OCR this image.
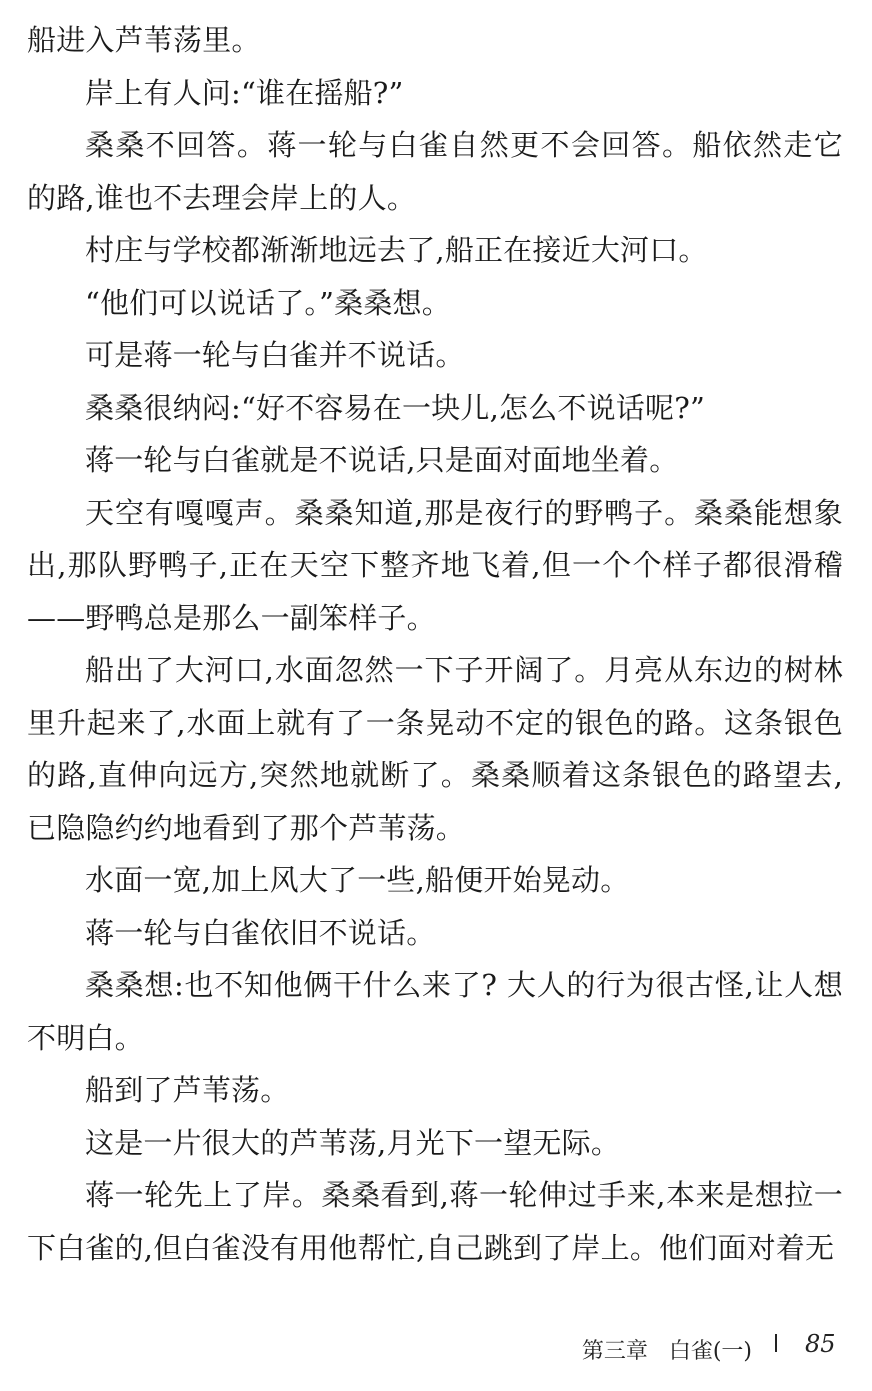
船进入芦苇荡里。

岸上有人问:“谁在摇船?”

桑桑不回答。蒋一轮与白雀自然更不会回答。船依然走它的路,谁也不去理会岸上的人。

村庄与学校都渐渐地远去了,船正在接近大河口。

“他们可以说话了。”桑桑想。

可是蒋一轮与白雀并不说话。

桑桑很纳闷:“好不容易在一块儿,怎么不说话呢?”

蒋一轮与白雀就是不说话,只是面对面地坐着。

天空有嘎嘎声。桑桑知道,那是夜行的野鸭子。桑桑能想象出,那队野鸭子,正在天空下整齐地飞着,但一个个样子都很滑稽——野鸭总是那么一副笨样子。

船出了大河口,水面忽然一下子开阔了。月亮从东边的树林里升起来了,水面上就有了一条晃动不定的银色的路。这条银色的路,直伸向远方,突然地就断了。桑桑顺着这条银色的路望去,已隐隐约约地看到了那个芦苇荡。

水面一宽,加上风大了一些,船便开始晃动。

蒋一轮与白雀依旧不说话。

桑桑想:也不知他俩干什么来了? 大人的行为很古怪,让人想不明白。

船到了芦苇荡。

这是一片很大的芦苇荡,月光下一望无际。

蒋一轮先上了岸。桑桑看到,蒋一轮伸过手来,本来是想拉一下白雀的,但白雀没有用他帮忙,自己跳到了岸上。他们面对着无

第三章   白雀(一) 85
